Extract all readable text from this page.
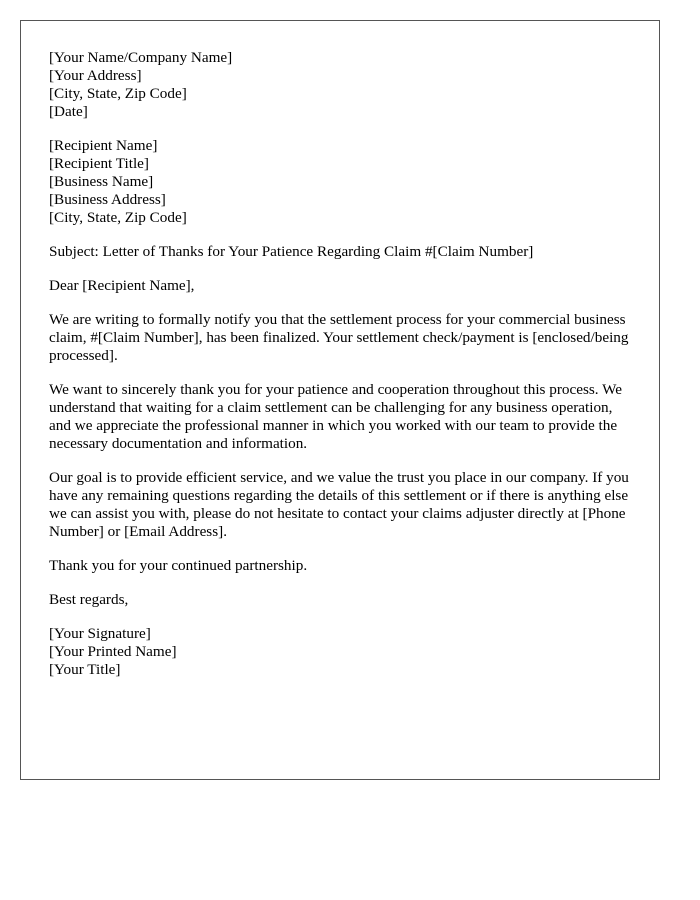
[Your Name/Company Name]
[Your Address]
[City, State, Zip Code]
[Date]
[Recipient Name]
[Recipient Title]
[Business Name]
[Business Address]
[City, State, Zip Code]

Subject: Letter of Thanks for Your Patience Regarding Claim #[Claim Number]

Dear [Recipient Name],

We are writing to formally notify you that the settlement process for your commercial business claim, #[Claim Number], has been finalized. Your settlement check/payment is [enclosed/being processed].

We want to sincerely thank you for your patience and cooperation throughout this process. We understand that waiting for a claim settlement can be challenging for any business operation, and we appreciate the professional manner in which you worked with our team to provide the necessary documentation and information.

Our goal is to provide efficient service, and we value the trust you place in our company. If you have any remaining questions regarding the details of this settlement or if there is anything else we can assist you with, please do not hesitate to contact your claims adjuster directly at [Phone Number] or [Email Address].

Thank you for your continued partnership.

Best regards,

[Your Signature]
[Your Printed Name]
[Your Title]
